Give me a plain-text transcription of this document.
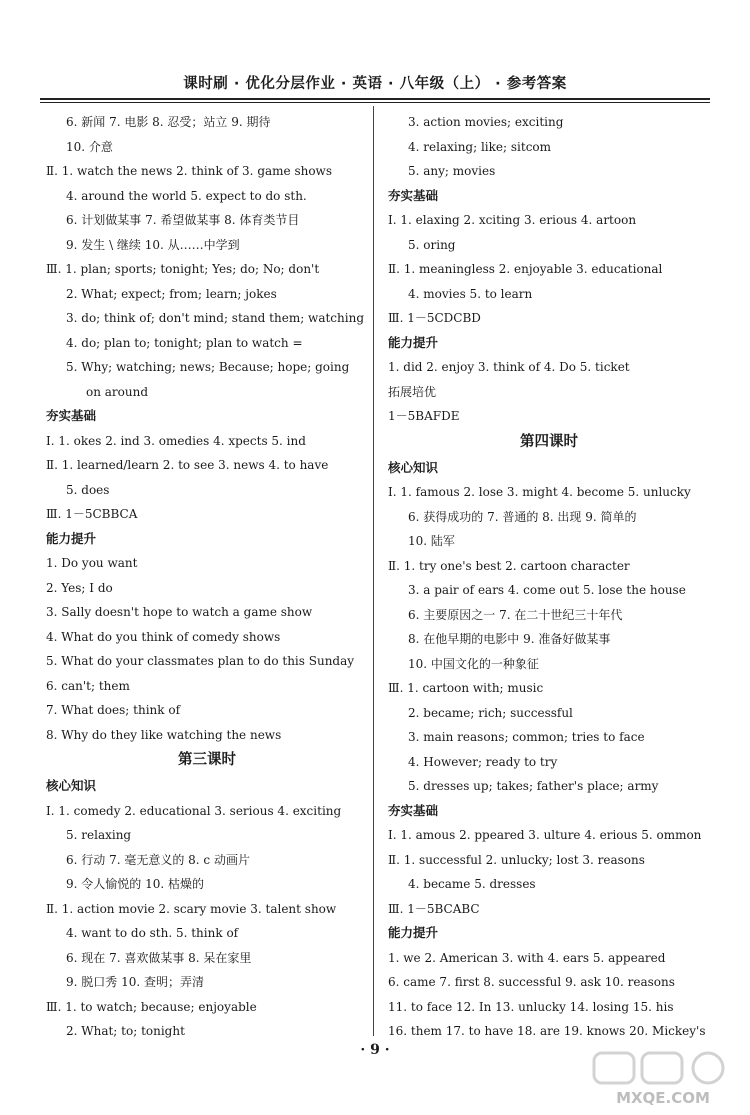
课时刷 · 优化分层作业 · 英语 · 八年级（上） · 参考答案
6. 新闻 7. 电影 8. 忍受；站立 9. 期待
10. 介意
Ⅱ. 1. watch the news 2. think of 3. game shows
4. around the world 5. expect to do sth.
6. 计划做某事 7. 希望做某事 8. 体育类节目
9. 发生 \ 继续 10. 从……中学到
Ⅲ. 1. plan; sports; tonight; Yes; do; No; don't
2. What; expect; from; learn; jokes
3. do; think of; don't mind; stand them; watching
4. do; plan to; tonight; plan to watch =
5. Why; watching; news; Because; hope; going
on around
夯实基础
Ⅰ. 1. okes 2. ind 3. omedies 4. xpects 5. ind
Ⅱ. 1. learned/learn 2. to see 3. news 4. to have
5. does
Ⅲ. 1－5CBBCA
能力提升
1. Do you want
2. Yes; I do
3. Sally doesn't hope to watch a game show
4. What do you think of comedy shows
5. What do your classmates plan to do this Sunday
6. can't; them
7. What does; think of
8. Why do they like watching the news
第三课时
核心知识
Ⅰ. 1. comedy 2. educational 3. serious 4. exciting
5. relaxing
6. 行动 7. 毫无意义的 8. c 动画片
9. 令人愉悦的 10. 枯燥的
Ⅱ. 1. action movie 2. scary movie 3. talent show
4. want to do sth. 5. think of
6. 现在 7. 喜欢做某事 8. 呆在家里
9. 脱口秀 10. 查明；弄清
Ⅲ. 1. to watch; because; enjoyable
2. What; to; tonight
3. action movies; exciting
4. relaxing; like; sitcom
5. any; movies
夯实基础
Ⅰ. 1. elaxing 2. xciting 3. erious 4. artoon
5. oring
Ⅱ. 1. meaningless 2. enjoyable 3. educational
4. movies 5. to learn
Ⅲ. 1－5CDCBD
能力提升
1. did 2. enjoy 3. think of 4. Do 5. ticket
拓展培优
1－5BAFDE
第四课时
核心知识
Ⅰ. 1. famous 2. lose 3. might 4. become 5. unlucky
6. 获得成功的 7. 普通的 8. 出现 9. 简单的
10. 陆军
Ⅱ. 1. try one's best 2. cartoon character
3. a pair of ears 4. come out 5. lose the house
6. 主要原因之一 7. 在二十世纪三十年代
8. 在他早期的电影中 9. 准备好做某事
10. 中国文化的一种象征
Ⅲ. 1. cartoon with; music
2. became; rich; successful
3. main reasons; common; tries to face
4. However; ready to try
5. dresses up; takes; father's place; army
夯实基础
Ⅰ. 1. amous 2. ppeared 3. ulture 4. erious 5. ommon
Ⅱ. 1. successful 2. unlucky; lost 3. reasons
4. became 5. dresses
Ⅲ. 1－5BCABC
能力提升
1. we 2. American 3. with 4. ears 5. appeared
6. came 7. first 8. successful 9. ask 10. reasons
11. to face 12. In 13. unlucky 14. losing 15. his
16. them 17. to have 18. are 19. knows 20. Mickey's
· 9 ·
MXQE.COM
